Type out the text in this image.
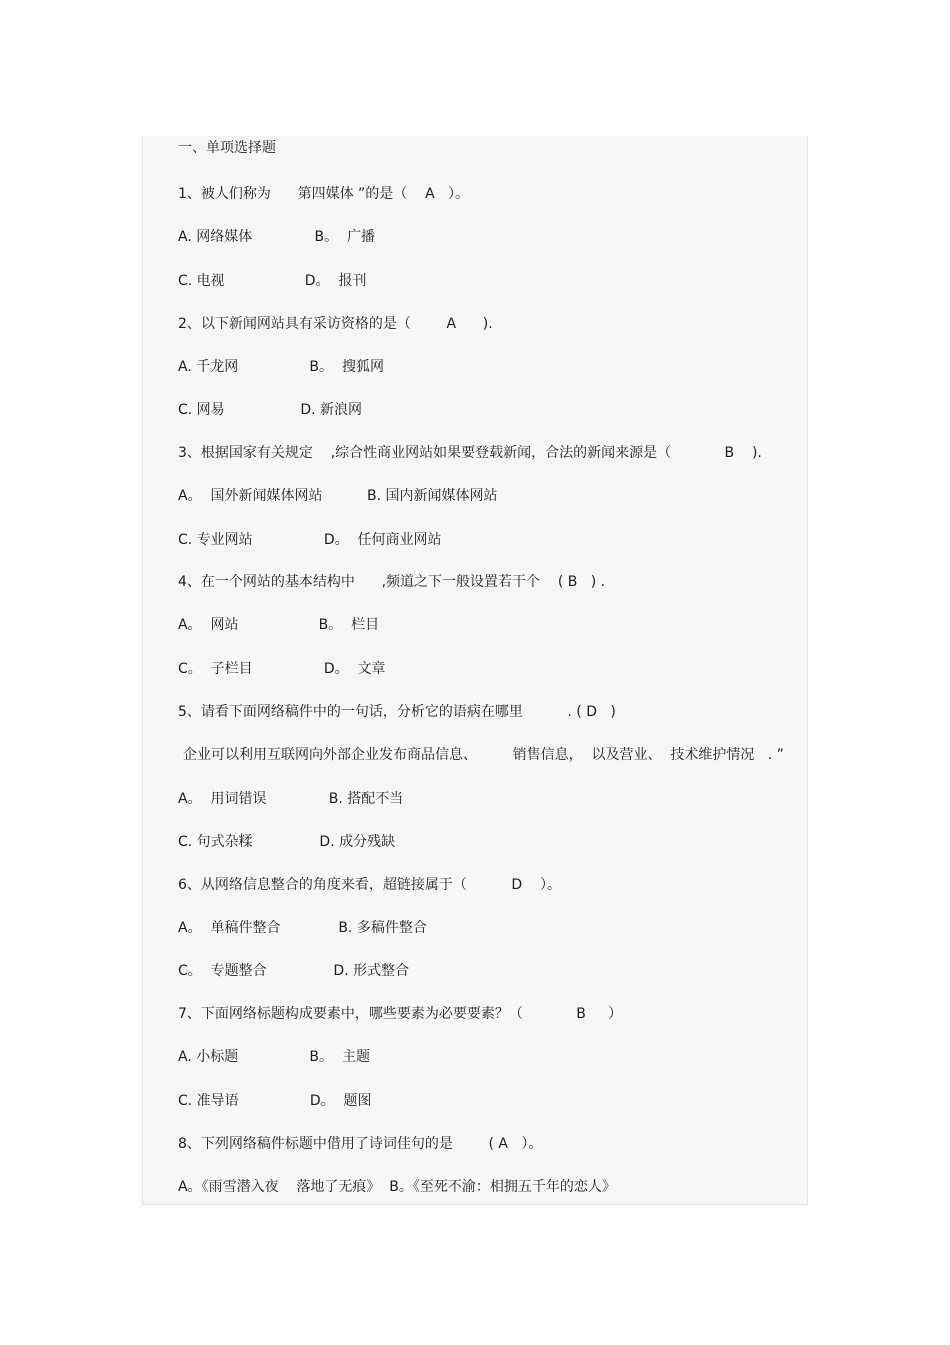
一、单项选择题
1、被人们称为      第四媒体 ”的是（    A   ）。
A. 网络媒体              B。  广播
C. 电视                  D。  报刊
2、以下新闻网站具有采访资格的是（        A      ).
A. 千龙网                B。  搜狐网
C. 网易                 D. 新浪网
3、根据国家有关规定    ,综合性商业网站如果要登载新闻，合法的新闻来源是（            B    ).
A。  国外新闻媒体网站          B. 国内新闻媒体网站
C. 专业网站                D。  任何商业网站
4、在一个网站的基本结构中      ,频道之下一般设置若干个    ( B   ) .
A。  网站                  B。  栏目
C。  子栏目                D。  文章
5、请看下面网络稿件中的一句话，分析它的语病在哪里          . ( D   )
企业可以利用互联网向外部企业发布商品信息、        销售信息，  以及营业、  技术维护情况   . ”
A。  用词错误              B. 搭配不当
C. 句式杂糅               D. 成分残缺
6、从网络信息整合的角度来看，超链接属于（          D    ）。
A。  单稿件整合             B. 多稿件整合
C。  专题整合               D. 形式整合
7、下面网络标题构成要素中，哪些要素为必要要素？（            B     ）
A. 小标题                B。  主题
C. 准导语                D。  题图
8、下列网络稿件标题中借用了诗词佳句的是        ( A   ）。
A。《雨雪潜入夜    落地了无痕》  B。《至死不渝：相拥五千年的恋人》
